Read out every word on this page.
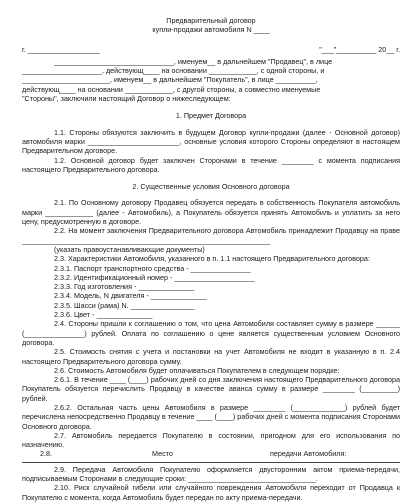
Предварительный договор
купли-продажи автомобиля N ____
г. __________________	"___"__________ 20__ г.

______________________________, именуем__ в дальнейшем "Продавец", в лице

____________________, действующ____ на основании ____________, с одной стороны, и

______________________, именуем__ в дальнейшем "Покупатель", в лице __________,

действующ____ на основании ____________, с другой стороны, а совместно именуемые

"Стороны", заключили настоящий Договор о нижеследующем:

1. Предмет Договора

1.1. Стороны обязуются заключить в будущем Договор купли-продажи (далее - Основной договор) автомобиля марки _______________________, основные условия которого Стороны определяют в настоящем Предварительном договоре.

1.2. Основной договор будет заключен Сторонами в течение ________ с момента подписания настоящего Предварительного договора.

2. Существенные условия Основного договора

2.1. По Основному договору Продавец обязуется передать в собственность Покупателя автомобиль марки ____________ (далее - Автомобиль), а Покупатель обязуется принять Автомобиль и уплатить за него цену, предусмотренную в договоре.

2.2. На момент заключения Предварительного договора Автомобиль принадлежит Продавцу на праве ______________________________________________________________

(указать правоустанавливающие документы)

2.3. Характеристики Автомобиля, указанного в п. 1.1 настоящего Предварительного договора:

2.3.1. Паспорт транспортного средства - _______________

2.3.2. Идентификационный номер - ____________________

2.3.3. Год изготовления - ______________

2.3.4. Модель, N двигателя - ______________

2.3.5. Шасси (рама) N. ________________

2.3.6. Цвет - ______________

2.4. Стороны пришли к соглашению о том, что цена Автомобиля составляет сумму в размере ______ (_______________) рублей. Оплата по соглашению о цене является существенным условием Основного договора.

2.5. Стоимость снятия с учета и постановки на учет Автомобиля не входит в указанную в п. 2.4 настоящего Предварительного договора сумму.

2.6. Стоимость Автомобиля будет оплачиваться Покупателем в следующем порядке:

2.6.1. В течение ____ (____) рабочих дней со дня заключения настоящего Предварительного договора Покупатель обязуется перечислить Продавцу в качестве аванса сумму в размере ________ (_________) рублей.

2.6.2. Остальная часть цены Автомобиля в размере ________ (_____________) рублей будет перечислена непосредственно Продавцу в течение ____ (____) рабочих дней с момента подписания Сторонами Основного договора.

2.7. Автомобиль передается Покупателю в состоянии, пригодном для его использования по назначению.

2.8.	Место	передачи Автомобиля:

2.9. Передача Автомобиля Покупателю оформляется двусторонним актом приема-передачи, подписываемым Сторонами в следующие сроки: ________________________________.

2.10. Риск случайной гибели или случайного повреждения Автомобиля переходит от Продавца к Покупателю с момента, когда Автомобиль будет передан по акту приема-передачи.
